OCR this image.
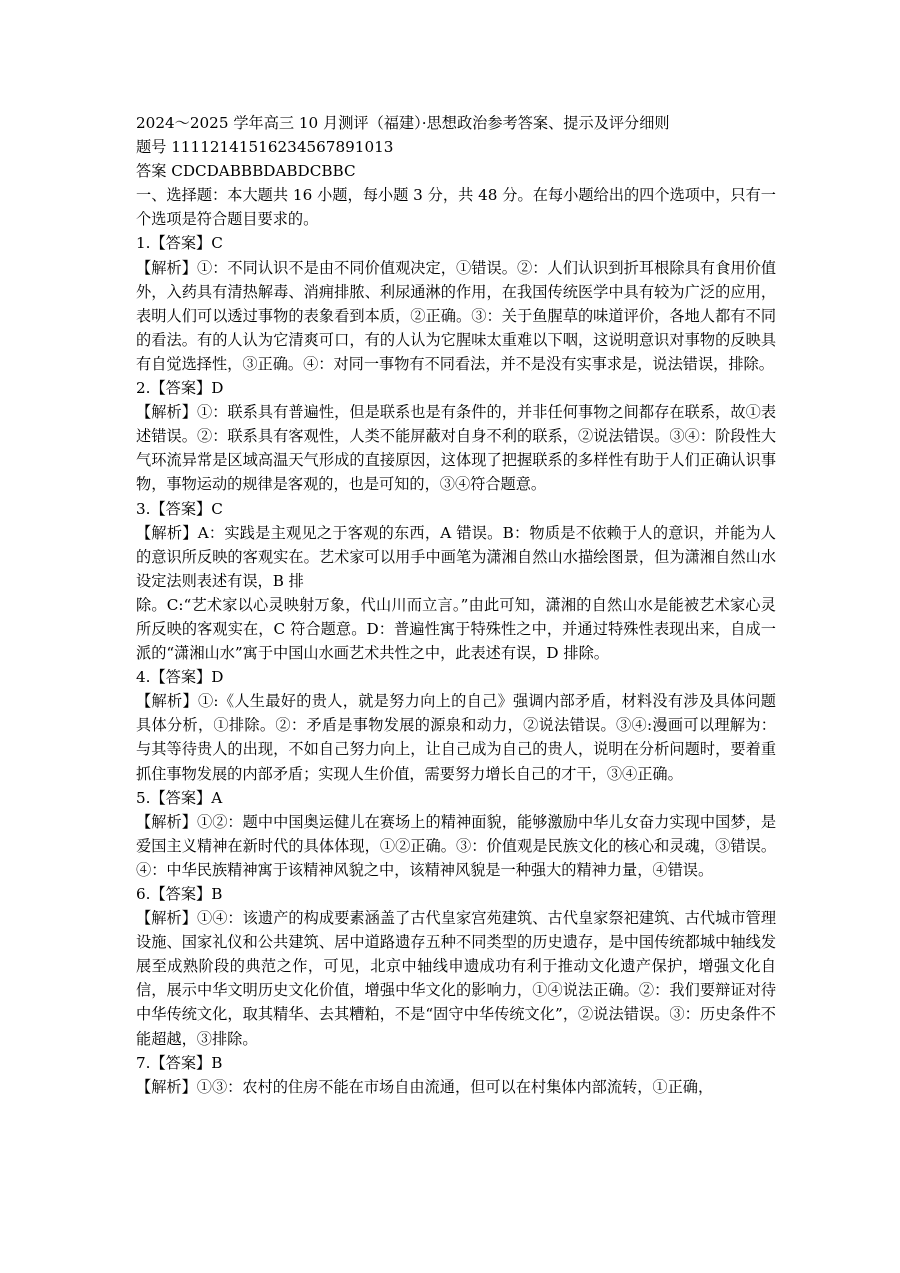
2024～2025 学年高三 10 月测评（福建）·思想政治参考答案、提示及评分细则
题号 11112141516234567891013
答案 CDCDABBBDABDCBBC
一、选择题：本大题共 16 小题，每小题 3 分，共 48 分。在每小题给出的四个选项中，只有一个选项是符合题目要求的。
1.【答案】C
【解析】①：不同认识不是由不同价值观决定，①错误。②：人们认识到折耳根除具有食用价值外，入药具有清热解毒、消痈排脓、利尿通淋的作用，在我国传统医学中具有较为广泛的应用，表明人们可以透过事物的表象看到本质，②正确。③：关于鱼腥草的味道评价，各地人都有不同的看法。有的人认为它清爽可口，有的人认为它腥味太重难以下咽，这说明意识对事物的反映具有自觉选择性，③正确。④：对同一事物有不同看法，并不是没有实事求是，说法错误，排除。
2.【答案】D
【解析】①：联系具有普遍性，但是联系也是有条件的，并非任何事物之间都存在联系，故①表述错误。②：联系具有客观性，人类不能屏蔽对自身不利的联系，②说法错误。③④：阶段性大气环流异常是区域高温天气形成的直接原因，这体现了把握联系的多样性有助于人们正确认识事物，事物运动的规律是客观的，也是可知的，③④符合题意。
3.【答案】C
【解析】A：实践是主观见之于客观的东西，A 错误。B：物质是不依赖于人的意识，并能为人的意识所反映的客观实在。艺术家可以用手中画笔为潇湘自然山水描绘图景，但为潇湘自然山水设定法则表述有误，B 排
除。C:“艺术家以心灵映射万象，代山川而立言。”由此可知，潇湘的自然山水是能被艺术家心灵所反映的客观实在，C 符合题意。D：普遍性寓于特殊性之中，并通过特殊性表现出来，自成一派的“潇湘山水”寓于中国山水画艺术共性之中，此表述有误，D 排除。
4.【答案】D
【解析】①:《人生最好的贵人，就是努力向上的自己》强调内部矛盾，材料没有涉及具体问题具体分析，①排除。②：矛盾是事物发展的源泉和动力，②说法错误。③④:漫画可以理解为：与其等待贵人的出现，不如自己努力向上，让自己成为自己的贵人，说明在分析问题时，要着重抓住事物发展的内部矛盾；实现人生价值，需要努力增长自己的才干，③④正确。
5.【答案】A
【解析】①②：题中中国奥运健儿在赛场上的精神面貌，能够激励中华儿女奋力实现中国梦，是爱国主义精神在新时代的具体体现，①②正确。③：价值观是民族文化的核心和灵魂，③错误。④：中华民族精神寓于该精神风貌之中，该精神风貌是一种强大的精神力量，④错误。
6.【答案】B
【解析】①④：该遗产的构成要素涵盖了古代皇家宫苑建筑、古代皇家祭祀建筑、古代城市管理设施、国家礼仪和公共建筑、居中道路遗存五种不同类型的历史遗存，是中国传统都城中轴线发展至成熟阶段的典范之作，可见，北京中轴线申遗成功有利于推动文化遗产保护，增强文化自信，展示中华文明历史文化价值，增强中华文化的影响力，①④说法正确。②：我们要辩证对待中华传统文化，取其精华、去其糟粕，不是“固守中华传统文化”，②说法错误。③：历史条件不能超越，③排除。
7.【答案】B
【解析】①③：农村的住房不能在市场自由流通，但可以在村集体内部流转，①正确，
